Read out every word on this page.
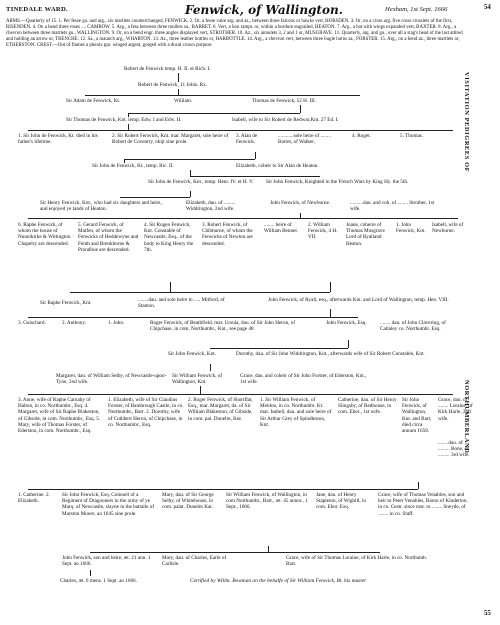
TINEDALE WARD.	Fenwick, of Wallington.	Hexham, 1st Sept. 1666
ARMS.—Quarterly of 15. 1. Per fesse gu. and arg., six martlets counterchanged, FENWICK. 2. Or, a fesse vaire arg. and az., between three falcons or hawks vert, HORSDEN. 3. Or, on a cross arg. five cross crosslets of the first, RISENDEN. 4. On a bend three roses .... CAMBOW. 5. Arg., a fess between three mullets sa., BARRET. 6. Vert, a lion rampt. or, within a bordure engrailed, HEATON. 7. Arg., a bat with wings expanded vert, BAXTER. 8. Arg., a chevron between three martlets gu., WALLINGTON. 9. Or, on a bend engr. three angles displayed vert, STROTHER. 10. Az., six annulets 3, 2 and 1 or, MUSGRAVE. 11. Quarterly, arg. and gu., over all a stag's head of the last attired and holding an arrow or, TRENCHE. 12. Sa., a maunch arg., WHARTON. 13. Az., three leather bottles or, HARBOTTLE. 14. Arg., a chevron vert, between three bugle horns sa., FORSTER. 15. Arg., on a bend az., three martlets or, ETHERSTON. CREST.—Out of flames a phenix ppr. winged argent, gorged with a ducal crown purpure.
54
VISITATION PEDIGREES OF
NORTHUMBERLAND
55
Robert de Fenwick temp. H. II. et Rich. I.
Robert de Fenwick, 11 Johis. Rx.
Sir Adam de Fenwick, Kt.	William.	Thomas de Fenwick, 52 H. III.
Sir Thomas de Fenwick, Knt. temp. Edw. I and Edw. II.	Isabell, wife to Sir Robert de Redwar,Knt. 27 Ed. I.
1. Sir John de Fenwick, Kt. died in his father's lifetime.
2. Sir Robert Fenwick, Knt. mar. Margaret, sole heire of Robert de Coventry, obijt sine prole.
3. Alan de Fenwick.
............sole heire of ........ Barret, of Walker.
4. Roger.	5. Thomas.
Sir John de Fenwick, Kt., temp. Ric. II.	Elizabeth, coheir to Sir Alan de Heaton.
Sir John de Fenwick, Knt., temp. Henr. IV. et H. V.	Sir John Fenwick, Knighted in the French Wars by King Hy. the 5th.
Sir Henry Fenwick, Knt., who had six daughters and heirs, and enjoyed ye lands of Heaton.
Elizabeth, dau. of ......... Widdrington, 2nd wife.
John Fenwick, of Newburne.	..........dau. and coh. of ........ Strother, 1st wife.
6. Raphe Fenwick, of whom the house of Nunnikirke & Wittington Chapelry are descended.
5. Gerard Fenwick, of Matfen, of whom the Fenwicks of Heddewyne and Fenth and Brenkborne & Prondhoe are descended.
4. Sir Rogen Fenwick, Knt. Constable of Newcastle, Esq., of the body to King Henry the 7th.
3. Robert Fenwick, of Chibburne, of whom the Fenwicks of Newton are descended.
........ heire of William Bennet.
2. William Fenwick, 4 H. VII.
Joane, coheire of Thomas Musgrave Lord of Ryalland Heaton.
1. John Fenwick, Knt.
Isabell, wife of Newburne.
Sir Raphe Fenwick, Knt.	........dau. and sole heire to ..... Mitford, of Stanton.
John Fenwick, of Ryall, esq., afterwards Knt. and Lord of Wallington, temp. Hen. VIII.
3. Guischard.	2. Anthony.	1. John.	Roger Fenwick, of Beathfield, mar. Ursula, dau. of Sir John Heron, of Chipchase, in com. Northumbr., Knt., see page 48
John Fenwick, Esq.	........ dau. of John Clavering, of Callaley co. Northumbr. Esq.
Sir John Fenwick, Knt.	Dorothy, dau. of Sir John Widdrington, Knt., afterwards wife of Sir Robert Constable, Knt.
Margaret, dau. of William Selby, of Newcastle-upon-Tyne, 2nd wife.
Sir William Fenwick, of Wallington, Knt.
Grace, dau. and coheir of Sir John Forster, of Ederston, Knt., 1st wife.
3. Anne, wife of Raphe Carnaby of Halton, in co. Northumbr., Esq. 4. Margaret, wife of Sir Raphe Blakeston, of Gibside, in com. Northumbr., Esq. 5. Mary, wife of Thomas Forster, of Ederston, in com. Northumbr., Esq.
1. Elizabeth, wife of Sir Claudius Forster, of Bambrough Castle, in co. Northumbr., Bart. 2. Dorothy, wife of Cuthbert Heron, of Chipchase, in co. Northumbr., Esq.
2. Roger Fenwick, of Shortflat, Esq., mar. Margaret, da. of Sir William Blakeston, of Gibside, in com. pal. Dunelm, Knt.
1. Sir William Fenwick, of Meldon, in co. Northumbr. Kt. mar. Isabell, dau. and sole heire of Sir Arthur Grey of Spindleston, Knt.
Catherine, dau. of Sir Henry Slingsby, of Redhouse, in com. Ebor., 1st wife.
Sir John Fenwick, of Wallington, Knt. and Bart, died circa annum 1658.
Grace, dau. of ........ Loraine, of Kirk Harle, 2nd wife.
........dau. of ......... Bone, of ......... 3rd wife.
1. Catherine. 2. Elizabeth.
Sir John Fenwick, Esq. Colonell of a Regiment of Dragooners in the army of ye Marq. of Newcastle, slayne in the battaile of Marston Moore, ao 1645 sine prole.
Mary, dau. of Sir George Selby, of Whitehouse, in com. palat. Dunelm Kat.
Sir William Fenwick, of Wallington, in com Northumbr., Bart., æt. 45 annor., 1 Sept., 1666.
Jane, dau. of Henry Stapleton, of Wighill, in com. Ebor. Esq.
Grace, wife of Thomas Venables, son and heir to Peter Venables, Baron of Kinderton, in co. Cestr. since mar. to ........ Sneyde, of ........ in co. Staff.
John Fenwick, son and heire, æt. 21 ann. 1 Sept. ao 1666.
Mary, dau. of Charles, Earle of Carlisle.
Grace, wife of Sir Thomas Loraine, of Kirk Harle, in co. Northumb. Bart.
Charles, æt. 6 mens. 1 Sept. ao 1666.	Certified by Willm. Bowman on the behalfe of Sir William Fenwick, Bt. his master
